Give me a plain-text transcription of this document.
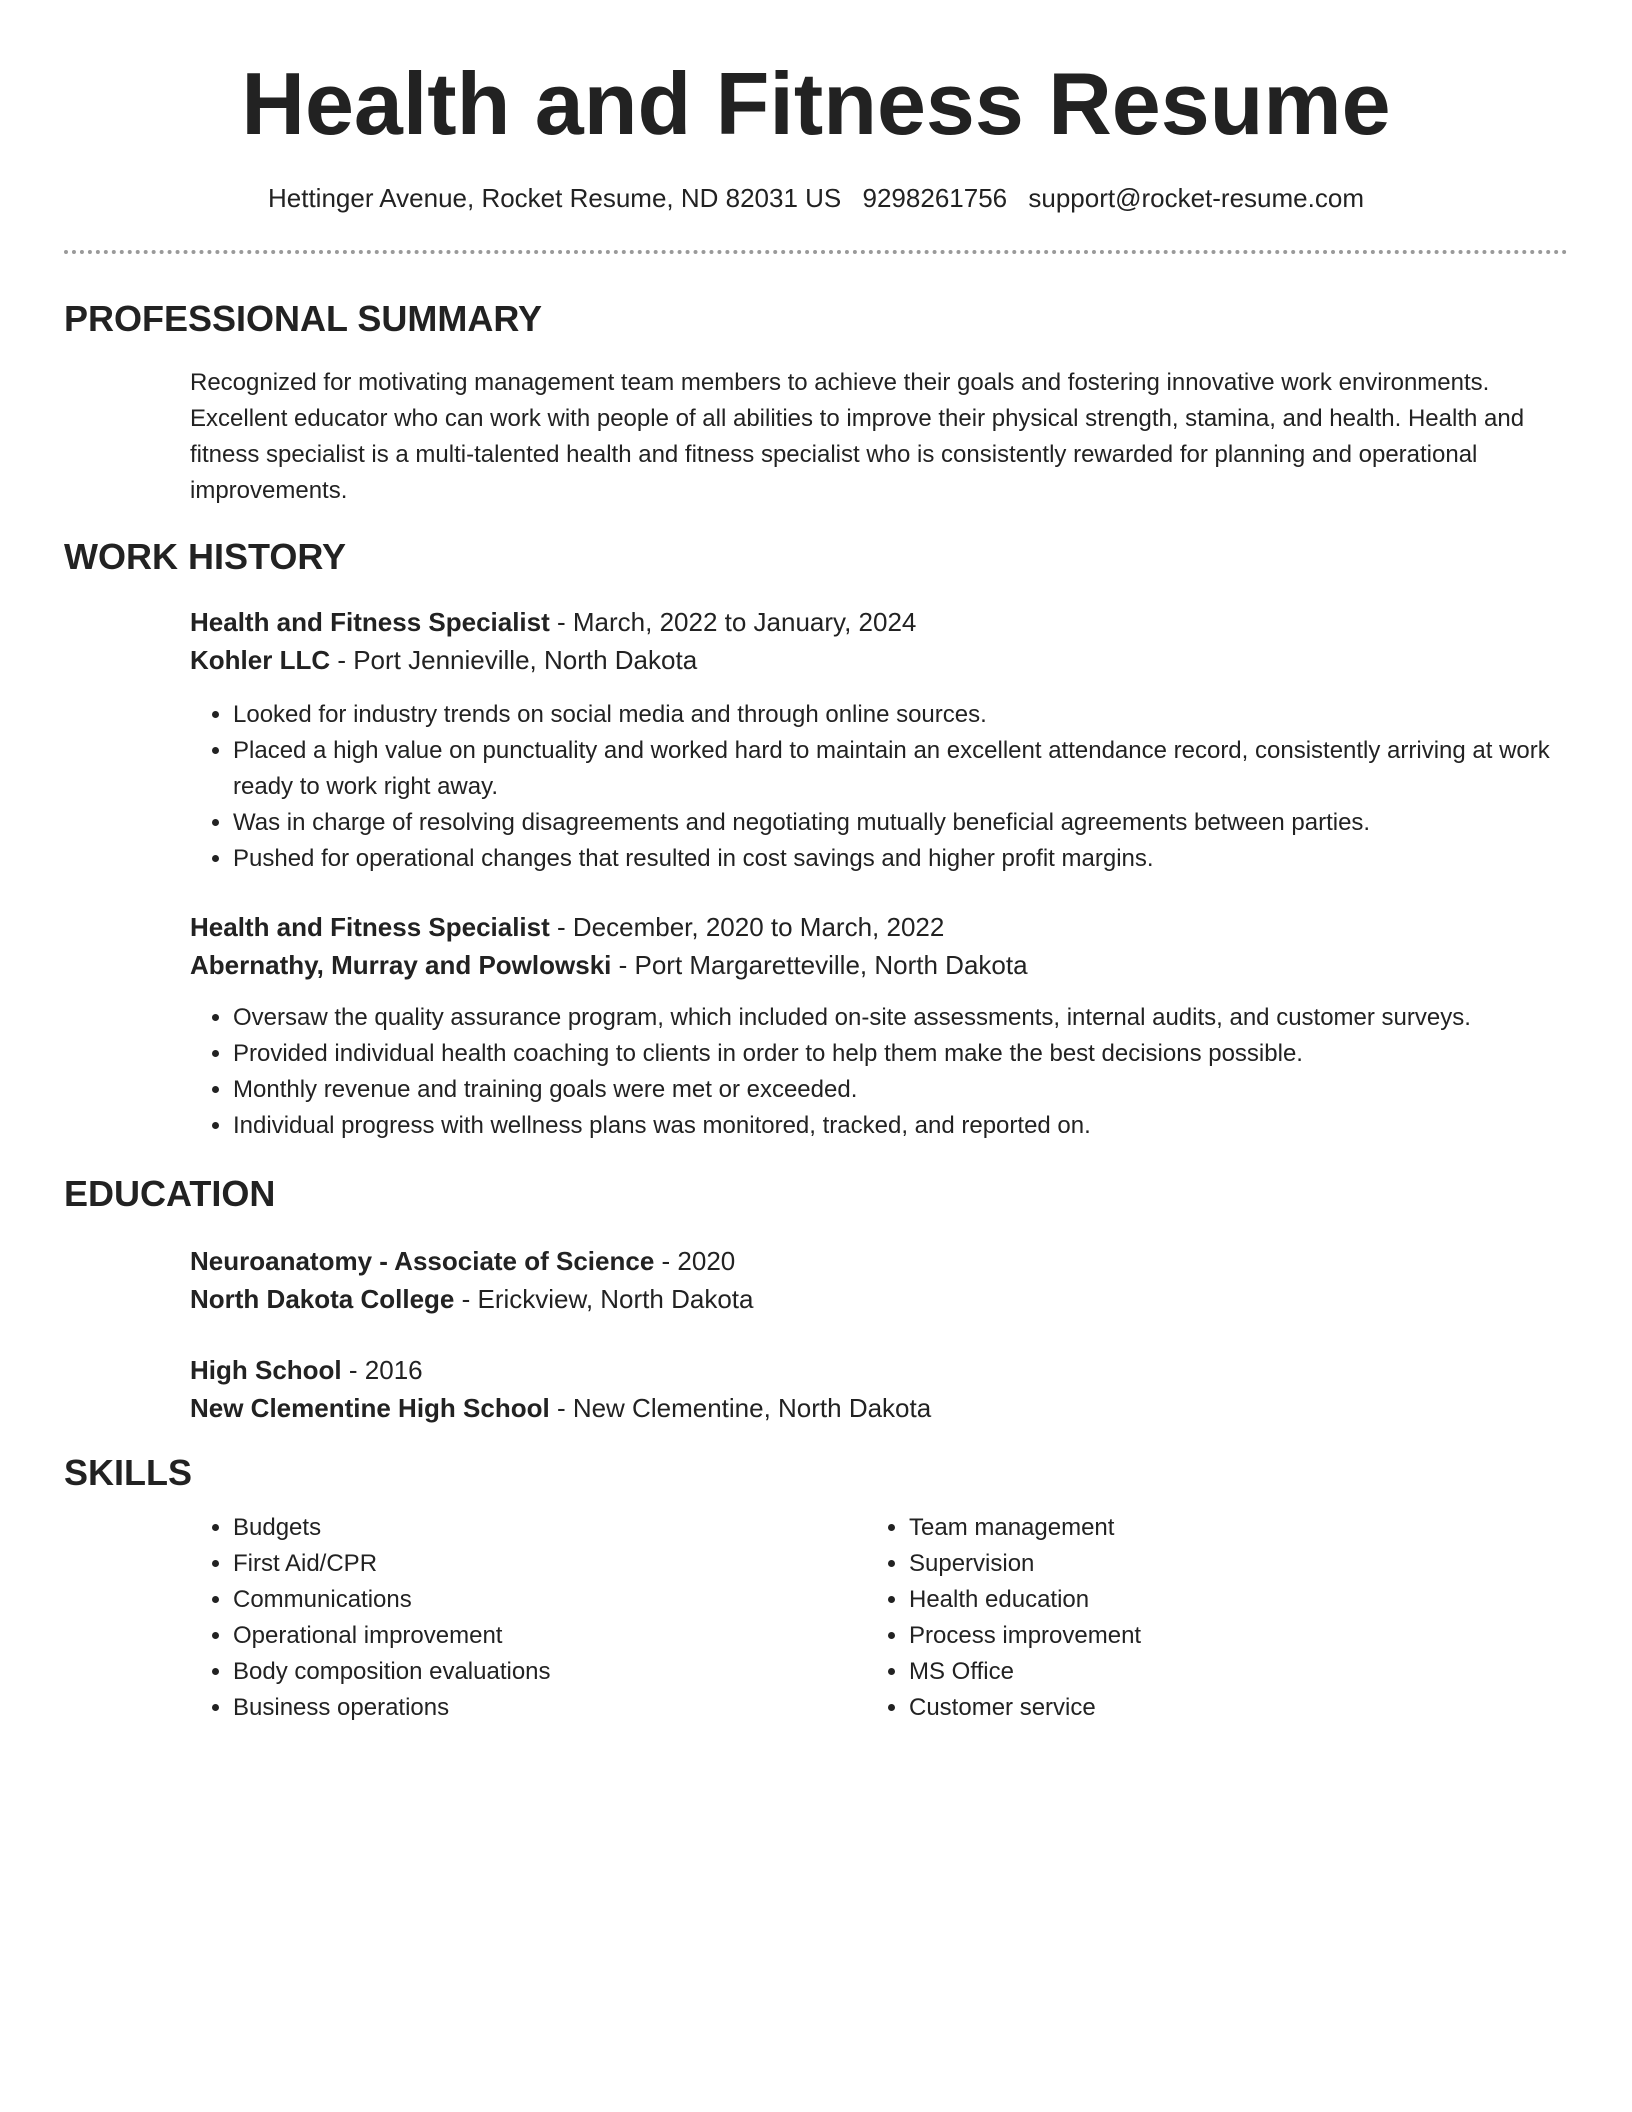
Health and Fitness Resume
Hettinger Avenue, Rocket Resume, ND 82031 US 9298261756 support@rocket-resume.com
PROFESSIONAL SUMMARY
Recognized for motivating management team members to achieve their goals and fostering innovative work environments. Excellent educator who can work with people of all abilities to improve their physical strength, stamina, and health. Health and fitness specialist is a multi-talented health and fitness specialist who is consistently rewarded for planning and operational improvements.
WORK HISTORY
Health and Fitness Specialist - March, 2022 to January, 2024
Kohler LLC - Port Jennieville, North Dakota
• Looked for industry trends on social media and through online sources.
• Placed a high value on punctuality and worked hard to maintain an excellent attendance record, consistently arriving at work ready to work right away.
• Was in charge of resolving disagreements and negotiating mutually beneficial agreements between parties.
• Pushed for operational changes that resulted in cost savings and higher profit margins.
Health and Fitness Specialist - December, 2020 to March, 2022
Abernathy, Murray and Powlowski - Port Margaretteville, North Dakota
• Oversaw the quality assurance program, which included on-site assessments, internal audits, and customer surveys.
• Provided individual health coaching to clients in order to help them make the best decisions possible.
• Monthly revenue and training goals were met or exceeded.
• Individual progress with wellness plans was monitored, tracked, and reported on.
EDUCATION
Neuroanatomy - Associate of Science - 2020
North Dakota College - Erickview, North Dakota
High School - 2016
New Clementine High School - New Clementine, North Dakota
SKILLS
• Budgets
• First Aid/CPR
• Communications
• Operational improvement
• Body composition evaluations
• Business operations
• Team management
• Supervision
• Health education
• Process improvement
• MS Office
• Customer service
